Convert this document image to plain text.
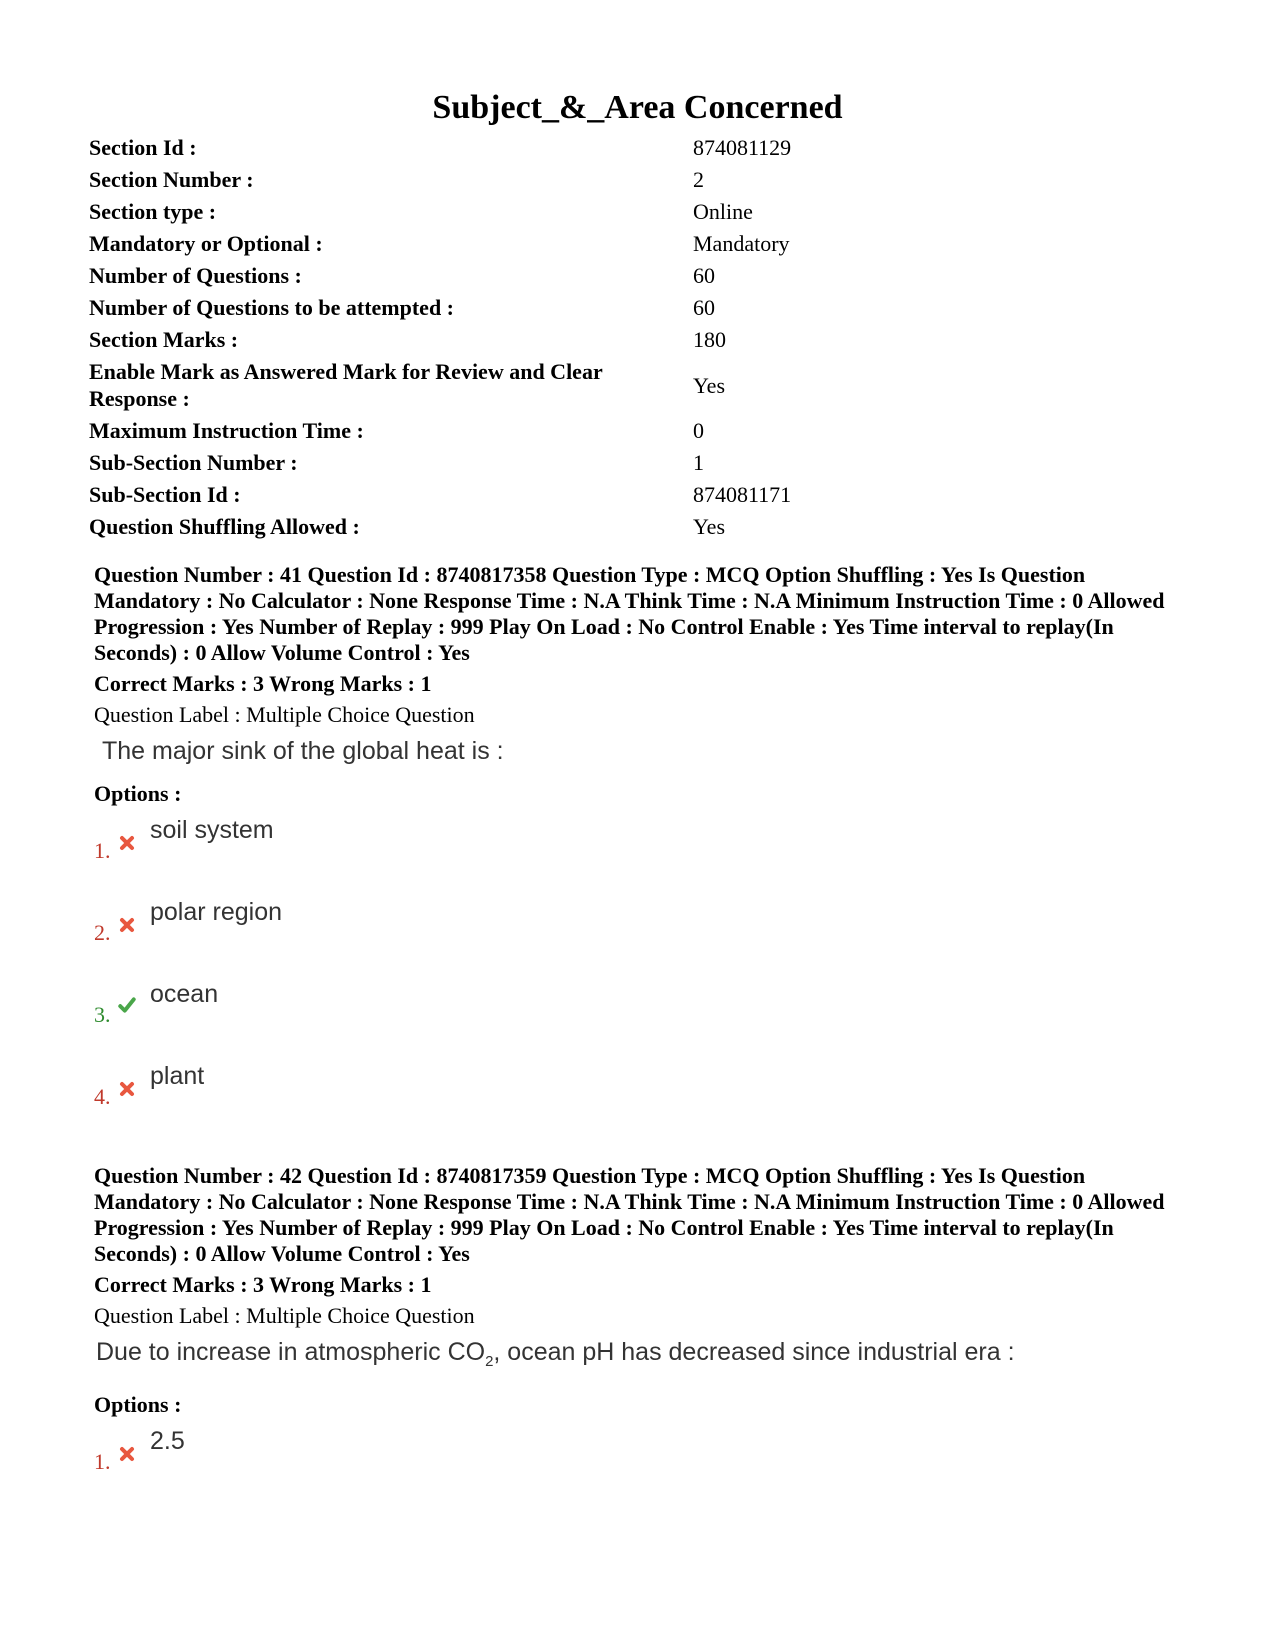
Subject_&_Area Concerned
Section Id :	874081129
Section Number :	2
Section type :	Online
Mandatory or Optional :	Mandatory
Number of Questions :	60
Number of Questions to be attempted :	60
Section Marks :	180
Enable Mark as Answered Mark for Review and Clear Response :
Yes
Maximum Instruction Time :	0
Sub-Section Number :	1
Sub-Section Id :	874081171
Question Shuffling Allowed :	Yes
Question Number : 41 Question Id : 8740817358 Question Type : MCQ Option Shuffling : Yes Is Question Mandatory : No Calculator : None Response Time : N.A Think Time : N.A Minimum Instruction Time : 0 Allowed Progression : Yes Number of Replay : 999 Play On Load : No Control Enable : Yes Time interval to replay(In Seconds) : 0 Allow Volume Control : Yes
Correct Marks : 3 Wrong Marks : 1
Question Label : Multiple Choice Question
The major sink of the global heat is :
Options :
1.
soil system
2.
polar region
3.
ocean
4.
plant
Question Number : 42 Question Id : 8740817359 Question Type : MCQ Option Shuffling : Yes Is Question Mandatory : No Calculator : None Response Time : N.A Think Time : N.A Minimum Instruction Time : 0 Allowed Progression : Yes Number of Replay : 999 Play On Load : No Control Enable : Yes Time interval to replay(In Seconds) : 0 Allow Volume Control : Yes
Correct Marks : 3 Wrong Marks : 1
Question Label : Multiple Choice Question
Due to increase in atmospheric $CO_2$, ocean pH has decreased since industrial era :
Options :
1.
2.5
